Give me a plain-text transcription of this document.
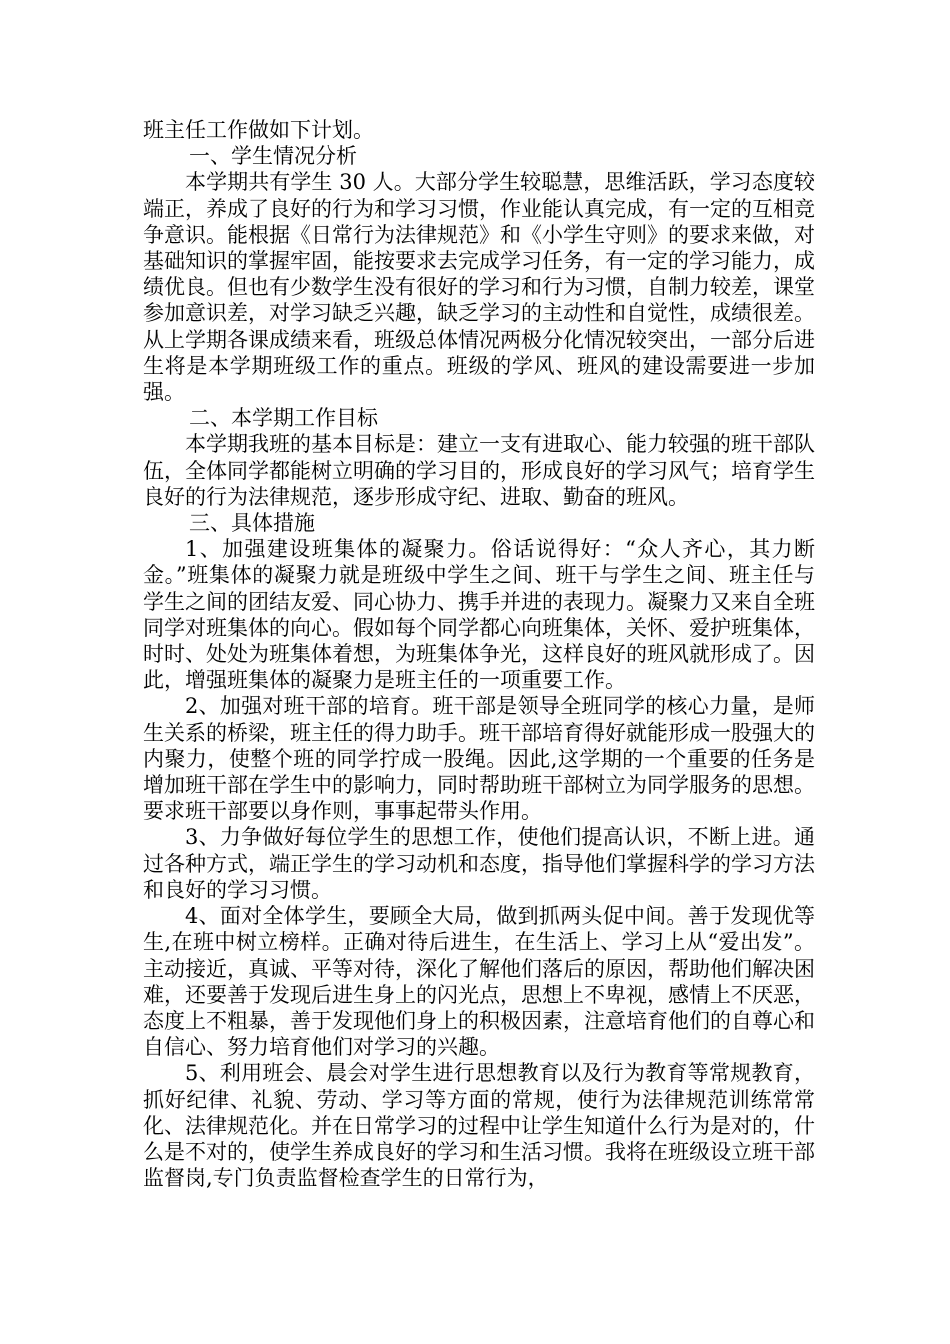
班主任工作做如下计划。

一、学生情况分析

本学期共有学生 30 人。大部分学生较聪慧，思维活跃，学习态度较端正，养成了良好的行为和学习习惯，作业能认真完成，有一定的互相竞争意识。能根据《日常行为法律规范》和《小学生守则》的要求来做，对基础知识的掌握牢固，能按要求去完成学习任务，有一定的学习能力，成绩优良。但也有少数学生没有很好的学习和行为习惯，自制力较差，课堂参加意识差，对学习缺乏兴趣，缺乏学习的主动性和自觉性，成绩很差。从上学期各课成绩来看，班级总体情况两极分化情况较突出，一部分后进生将是本学期班级工作的重点。班级的学风、班风的建设需要进一步加强。

二、本学期工作目标

本学期我班的基本目标是：建立一支有进取心、能力较强的班干部队伍，全体同学都能树立明确的学习目的，形成良好的学习风气；培育学生良好的行为法律规范，逐步形成守纪、进取、勤奋的班风。

三、具体措施

1、加强建设班集体的凝聚力。俗话说得好：“众人齐心，其力断金。”班集体的凝聚力就是班级中学生之间、班干与学生之间、班主任与学生之间的团结友爱、同心协力、携手并进的表现力。凝聚力又来自全班同学对班集体的向心。假如每个同学都心向班集体，关怀、爱护班集体，时时、处处为班集体着想，为班集体争光，这样良好的班风就形成了。因此，增强班集体的凝聚力是班主任的一项重要工作。

2、加强对班干部的培育。班干部是领导全班同学的核心力量，是师生关系的桥梁，班主任的得力助手。班干部培育得好就能形成一股强大的内聚力，使整个班的同学拧成一股绳。因此,这学期的一个重要的任务是增加班干部在学生中的影响力，同时帮助班干部树立为同学服务的思想。要求班干部要以身作则，事事起带头作用。

3、力争做好每位学生的思想工作，使他们提高认识，不断上进。通过各种方式，端正学生的学习动机和态度，指导他们掌握科学的学习方法和良好的学习习惯。

4、面对全体学生，要顾全大局，做到抓两头促中间。善于发现优等生,在班中树立榜样。正确对待后进生，在生活上、学习上从“爱出发”。主动接近，真诚、平等对待，深化了解他们落后的原因，帮助他们解决困难，还要善于发现后进生身上的闪光点，思想上不卑视，感情上不厌恶，态度上不粗暴，善于发现他们身上的积极因素，注意培育他们的自尊心和自信心、努力培育他们对学习的兴趣。

5、利用班会、晨会对学生进行思想教育以及行为教育等常规教育，抓好纪律、礼貌、劳动、学习等方面的常规，使行为法律规范训练常常化、法律规范化。并在日常学习的过程中让学生知道什么行为是对的，什么是不对的，使学生养成良好的学习和生活习惯。我将在班级设立班干部监督岗,专门负责监督检查学生的日常行为，
